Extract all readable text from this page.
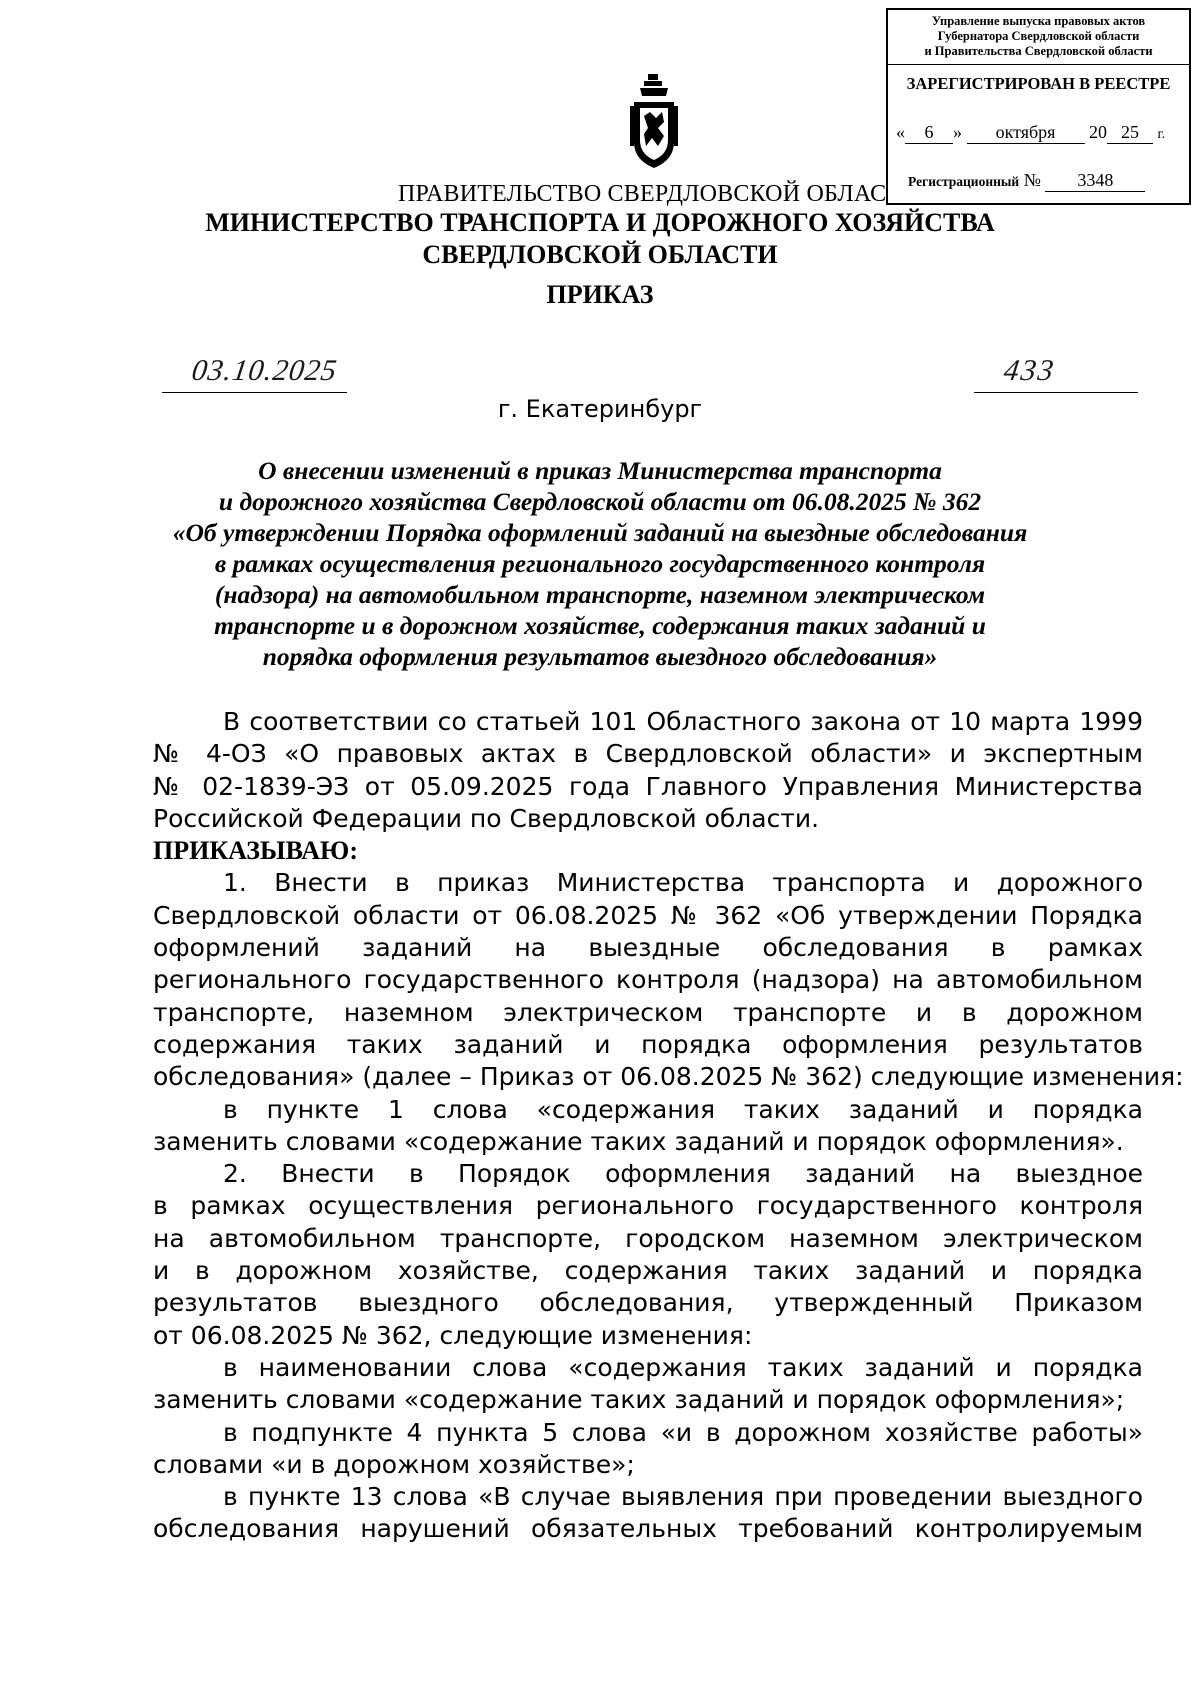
Управление выпуска правовых актов
Губернатора Свердловской области
и Правительства Свердловской области
ЗАРЕГИСТРИРОВАН В РЕЕСТРЕ
« 6 » октября 20 25 г.
Регистрационный № 3348
ПРАВИТЕЛЬСТВО СВЕРДЛОВСКОЙ ОБЛАС
МИНИСТЕРСТВО ТРАНСПОРТА И ДОРОЖНОГО ХОЗЯЙСТВА
СВЕРДЛОВСКОЙ ОБЛАСТИ
ПРИКАЗ
03.10.2025	433
г. Екатеринбург
О внесении изменений в приказ Министерства транспорта
и дорожного хозяйства Свердловской области от 06.08.2025 № 362
«Об утверждении Порядка оформлений заданий на выездные обследования
в рамках осуществления регионального государственного контроля
(надзора) на автомобильном транспорте, наземном электрическом
транспорте и в дорожном хозяйстве, содержания таких заданий и
порядка оформления результатов выездного обследования»
В соответствии со статьей 101 Областного закона от 10 марта 1999
№ 4-ОЗ «О правовых актах в Свердловской области» и экспертным
№ 02-1839-ЭЗ от 05.09.2025 года Главного Управления Министерства
Российской Федерации по Свердловской области.
ПРИКАЗЫВАЮ:
1. Внести в приказ Министерства транспорта и дорожного
Свердловской области от 06.08.2025 № 362 «Об утверждении Порядка
оформлений заданий на выездные обследования в рамках
регионального государственного контроля (надзора) на автомобильном
транспорте, наземном электрическом транспорте и в дорожном
содержания таких заданий и порядка оформления результатов
обследования» (далее – Приказ от 06.08.2025 № 362) следующие изменения:
в пункте 1 слова «содержания таких заданий и порядка
заменить словами «содержание таких заданий и порядок оформления».
2. Внести в Порядок оформления заданий на выездное
в рамках осуществления регионального государственного контроля
на автомобильном транспорте, городском наземном электрическом
и в дорожном хозяйстве, содержания таких заданий и порядка
результатов выездного обследования, утвержденный Приказом
от 06.08.2025 № 362, следующие изменения:
в наименовании слова «содержания таких заданий и порядка
заменить словами «содержание таких заданий и порядок оформления»;
в подпункте 4 пункта 5 слова «и в дорожном хозяйстве работы»
словами «и в дорожном хозяйстве»;
в пункте 13 слова «В случае выявления при проведении выездного
обследования нарушений обязательных требований контролируемым
